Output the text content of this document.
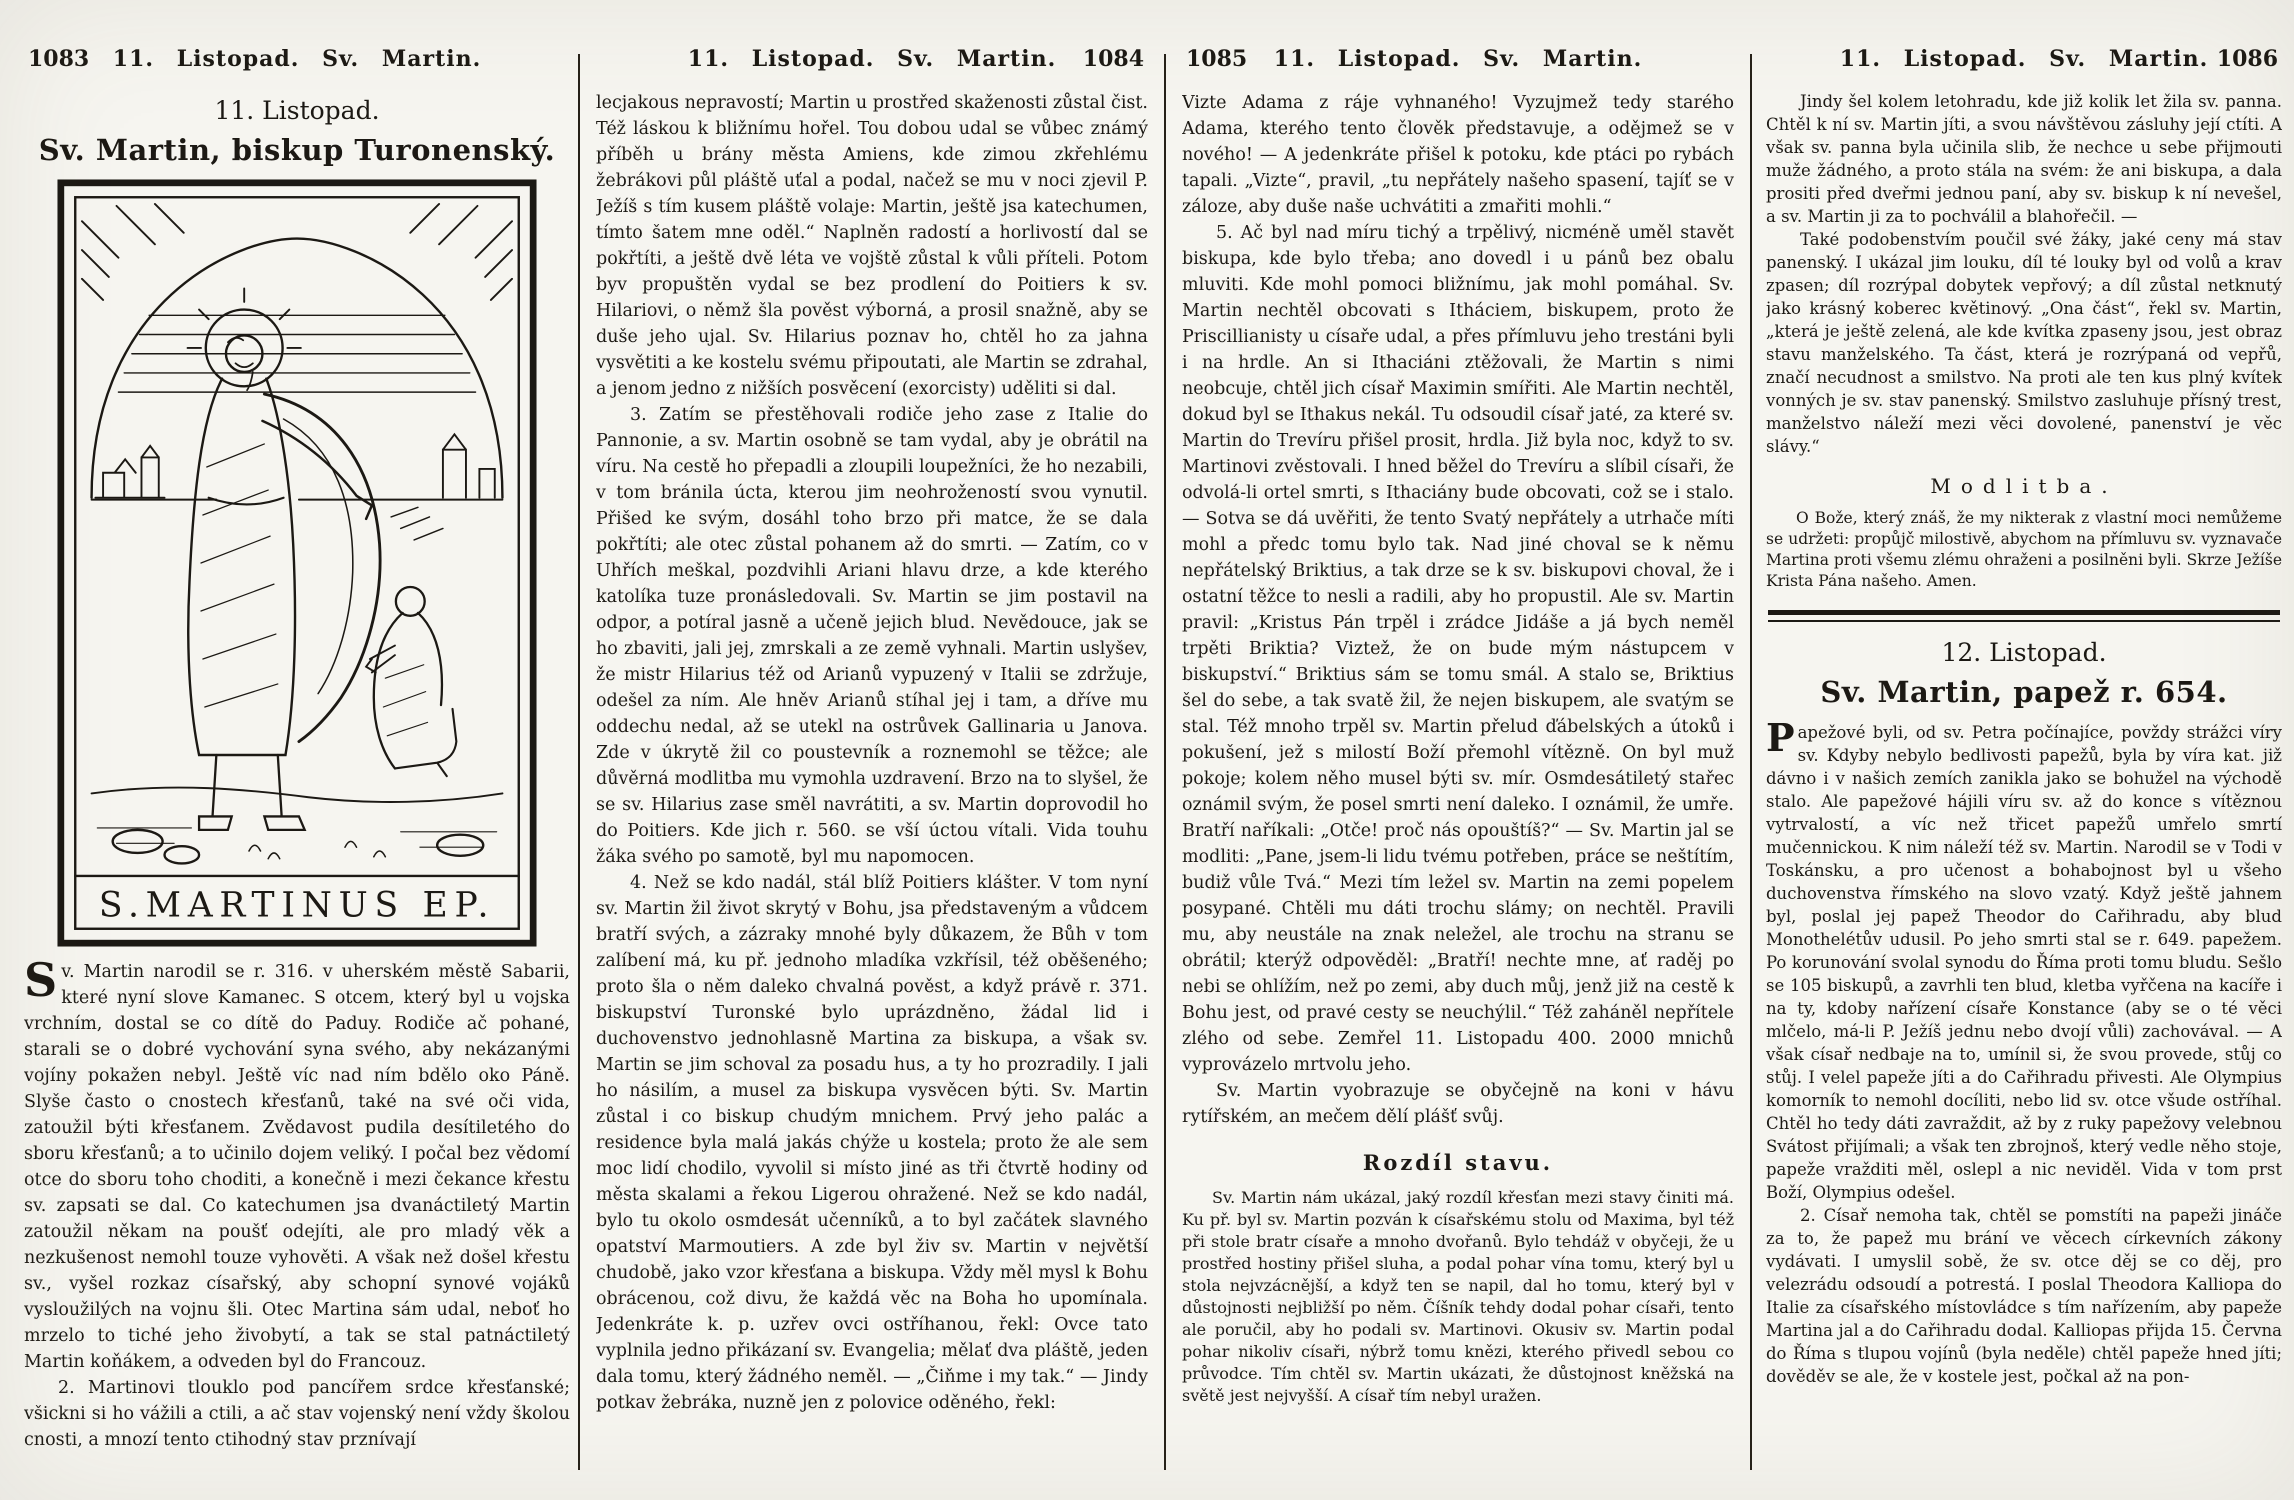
1083	11. Listopad. Sv. Martin.
11. Listopad.
Sv. Martin, biskup Turonenský.
S.MARTINUS EP.

Sv. Martin narodil se r. 316. v uherském městě Sabarii, které nyní slove Kamanec. S otcem, který byl u vojska vrchním, dostal se co dítě do Paduy. Rodiče ač pohané, starali se o dobré vychování syna svého, aby nekázanými vojíny pokažen nebyl. Ještě víc nad ním bdělo oko Páně. Slyše často o cnostech křesťanů, také na své oči vida, zatoužil býti křesťanem. Zvědavost pudila desítiletého do sboru křesťanů; a to učinilo dojem veliký. I počal bez vědomí otce do sboru toho choditi, a konečně i mezi čekance křestu sv. zapsati se dal. Co katechumen jsa dvanáctiletý Martin zatoužil někam na poušť odejíti, ale pro mladý věk a nezkušenost nemohl touze vyhověti. A však než došel křestu sv., vyšel rozkaz císařský, aby schopní synové vojáků vysloužilých na vojnu šli. Otec Martina sám udal, neboť ho mrzelo to tiché jeho živobytí, a tak se stal patnáctiletý Martin koňákem, a odveden byl do Francouz.

2. Martinovi tlouklo pod pancířem srdce křesťanské; všickni si ho vážili a ctili, a ač stav vojenský není vždy školou cnosti, a mnozí tento ctihodný stav prznívají

11. Listopad. Sv. Martin.	1084

lecjakous nepravostí; Martin u prostřed skaženosti zůstal čist. Též láskou k bližnímu hořel. Tou dobou udal se vůbec známý příběh u brány města Amiens, kde zimou zkřehlému žebrákovi půl pláště uťal a podal, načež se mu v noci zjevil P. Ježíš s tím kusem pláště volaje: Martin, ještě jsa katechumen, tímto šatem mne oděl.“ Naplněn radostí a horlivostí dal se pokřtíti, a ještě dvě léta ve vojště zůstal k vůli příteli. Potom byv propuštěn vydal se bez prodlení do Poitiers k sv. Hilariovi, o němž šla pověst výborná, a prosil snažně, aby se duše jeho ujal. Sv. Hilarius poznav ho, chtěl ho za jahna vysvětiti a ke kostelu svému připoutati, ale Martin se zdrahal, a jenom jedno z nižších posvěcení (exorcisty) uděliti si dal.

3. Zatím se přestěhovali rodiče jeho zase z Italie do Pannonie, a sv. Martin osobně se tam vydal, aby je obrátil na víru. Na cestě ho přepadli a zloupili loupežníci, že ho nezabili, v tom bránila úcta, kterou jim neohrožeností svou vynutil. Přišed ke svým, dosáhl toho brzo při matce, že se dala pokřtíti; ale otec zůstal pohanem až do smrti. — Zatím, co v Uhřích meškal, pozdvihli Ariani hlavu drze, a kde kterého katolíka tuze pronásledovali. Sv. Martin se jim postavil na odpor, a potíral jasně a učeně jejich blud. Nevědouce, jak se ho zbaviti, jali jej, zmrskali a ze země vyhnali. Martin uslyšev, že mistr Hilarius též od Arianů vypuzený v Italii se zdržuje, odešel za ním. Ale hněv Arianů stíhal jej i tam, a dříve mu oddechu nedal, až se utekl na ostrůvek Gallinaria u Janova. Zde v úkrytě žil co poustevník a roznemohl se těžce; ale důvěrná modlitba mu vymohla uzdravení. Brzo na to slyšel, že se sv. Hilarius zase směl navrátiti, a sv. Martin doprovodil ho do Poitiers. Kde jich r. 560. se vší úctou vítali. Vida touhu žáka svého po samotě, byl mu napomocen.

4. Než se kdo nadál, stál blíž Poitiers klášter. V tom nyní sv. Martin žil život skrytý v Bohu, jsa představeným a vůdcem bratří svých, a zázraky mnohé byly důkazem, že Bůh v tom zalíbení má, ku př. jednoho mladíka vzkřísil, též oběšeného; proto šla o něm daleko chvalná pověst, a když právě r. 371. biskupství Turonské bylo uprázdněno, žádal lid i duchovenstvo jednohlasně Martina za biskupa, a však sv. Martin se jim schoval za posadu hus, a ty ho prozradily. I jali ho násilím, a musel za biskupa vysvěcen býti. Sv. Martin zůstal i co biskup chudým mnichem. Prvý jeho palác a residence byla malá jakás chýže u kostela; proto že ale sem moc lidí chodilo, vyvolil si místo jiné as tři čtvrtě hodiny od města skalami a řekou Ligerou ohražené. Než se kdo nadál, bylo tu okolo osmdesát učenníků, a to byl začátek slavného opatství Marmoutiers. A zde byl živ sv. Martin v největší chudobě, jako vzor křesťana a biskupa. Vždy měl mysl k Bohu obrácenou, což divu, že každá věc na Boha ho upomínala. Jedenkráte k. p. uzřev ovci ostříhanou, řekl: Ovce tato vyplnila jedno přikázaní sv. Evangelia; mělať dva pláště, jeden dala tomu, který žádného neměl. — „Čiňme i my tak.“ — Jindy potkav žebráka, nuzně jen z polovice oděného, řekl:

1085	11. Listopad. Sv. Martin.

Vizte Adama z ráje vyhnaného! Vyzujmež tedy starého Adama, kterého tento člověk představuje, a odějmež se v nového! — A jedenkráte přišel k potoku, kde ptáci po rybách tapali. „Vizte“, pravil, „tu nepřátely našeho spasení, tajíť se v záloze, aby duše naše uchvátiti a zmařiti mohli.“

5. Ač byl nad míru tichý a trpělivý, nicméně uměl stavět biskupa, kde bylo třeba; ano dovedl i u pánů bez obalu mluviti. Kde mohl pomoci bližnímu, jak mohl pomáhal. Sv. Martin nechtěl obcovati s Itháciem, biskupem, proto že Priscillianisty u císaře udal, a přes přímluvu jeho trestáni byli i na hrdle. An si Ithaciáni ztěžovali, že Martin s nimi neobcuje, chtěl jich císař Maximin smířiti. Ale Martin nechtěl, dokud byl se Ithakus nekál. Tu odsoudil císař jaté, za které sv. Martin do Trevíru přišel prosit, hrdla. Již byla noc, když to sv. Martinovi zvěstovali. I hned běžel do Trevíru a slíbil císaři, že odvolá-li ortel smrti, s Ithaciány bude obcovati, což se i stalo. — Sotva se dá uvěřiti, že tento Svatý nepřátely a utrhače míti mohl a předc tomu bylo tak. Nad jiné choval se k němu nepřátelský Briktius, a tak drze se k sv. biskupovi choval, že i ostatní těžce to nesli a radili, aby ho propustil. Ale sv. Martin pravil: „Kristus Pán trpěl i zrádce Jidáše a já bych neměl trpěti Briktia? Viztež, že on bude mým nástupcem v biskupství.“ Briktius sám se tomu smál. A stalo se, Briktius šel do sebe, a tak svatě žil, že nejen biskupem, ale svatým se stal. Též mnoho trpěl sv. Martin přelud ďábelských a útoků i pokušení, jež s milostí Boží přemohl vítězně. On byl muž pokoje; kolem něho musel býti sv. mír. Osmdesátiletý stařec oznámil svým, že posel smrti není daleko. I oznámil, že umře. Bratří naříkali: „Otče! proč nás opouštíš?“ — Sv. Martin jal se modliti: „Pane, jsem-li lidu tvému potřeben, práce se neštítím, budiž vůle Tvá.“ Mezi tím ležel sv. Martin na zemi popelem posypané. Chtěli mu dáti trochu slámy; on nechtěl. Pravili mu, aby neustále na znak neležel, ale trochu na stranu se obrátil; kterýž odpověděl: „Bratří! nechte mne, ať raděj po nebi se ohlížím, než po zemi, aby duch můj, jenž již na cestě k Bohu jest, od pravé cesty se neuchýlil.“ Též zaháněl nepřítele zlého od sebe. Zemřel 11. Listopadu 400. 2000 mnichů vyprovázelo mrtvolu jeho.

Sv. Martin vyobrazuje se obyčejně na koni v hávu rytířském, an mečem dělí plášť svůj.

Rozdíl stavu.

Sv. Martin nám ukázal, jaký rozdíl křesťan mezi stavy činiti má. Ku př. byl sv. Martin pozván k císařskému stolu od Maxima, byl též při stole bratr císaře a mnoho dvořanů. Bylo tehdáž v obyčeji, že u prostřed hostiny přišel sluha, a podal pohar vína tomu, který byl u stola nejvzácnější, a když ten se napil, dal ho tomu, který byl v důstojnosti nejbližší po něm. Číšník tehdy dodal pohar císaři, tento ale poručil, aby ho podali sv. Martinovi. Okusiv sv. Martin podal pohar nikoliv císaři, nýbrž tomu knězi, kterého přivedl sebou co průvodce. Tím chtěl sv. Martin ukázati, že důstojnost kněžská na světě jest nejvyšší. A císař tím nebyl uražen.

11. Listopad. Sv. Martin. 1086

Jindy šel kolem letohradu, kde již kolik let žila sv. panna. Chtěl k ní sv. Martin jíti, a svou návštěvou zásluhy její ctíti. A však sv. panna byla učinila slib, že nechce u sebe přijmouti muže žádného, a proto stála na svém: že ani biskupa, a dala prositi před dveřmi jednou paní, aby sv. biskup k ní nevešel, a sv. Martin ji za to pochválil a blahořečil. —

Také podobenstvím poučil své žáky, jaké ceny má stav panenský. I ukázal jim louku, díl té louky byl od volů a krav zpasen; díl rozrýpal dobytek vepřový; a díl zůstal netknutý jako krásný koberec květinový. „Ona část“, řekl sv. Martin, „která je ještě zelená, ale kde kvítka zpaseny jsou, jest obraz stavu manželského. Ta část, která je rozrýpaná od vepřů, značí necudnost a smilstvo. Na proti ale ten kus plný kvítek vonných je sv. stav panenský. Smilstvo zasluhuje přísný trest, manželstvo náleží mezi věci dovolené, panenství je věc slávy.“

Modlitba.

O Bože, který znáš, že my nikterak z vlastní moci nemůžeme se udržeti: propůjč milostivě, abychom na přímluvu sv. vyznavače Martina proti všemu zlému ohraženi a posilněni byli. Skrze Ježíše Krista Pána našeho. Amen.

12. Listopad.
Sv. Martin, papež r. 654.

Papežové byli, od sv. Petra počínajíce, povždy strážci víry sv. Kdyby nebylo bedlivosti papežů, byla by víra kat. již dávno i v našich zemích zanikla jako se bohužel na východě stalo. Ale papežové hájili víru sv. až do konce s vítěznou vytrvalostí, a víc než třicet papežů umřelo smrtí mučennickou. K nim náleží též sv. Martin. Narodil se v Todi v Toskánsku, a pro učenost a bohabojnost byl u všeho duchovenstva římského na slovo vzatý. Když ještě jahnem byl, poslal jej papež Theodor do Cařihradu, aby blud Monothelétův udusil. Po jeho smrti stal se r. 649. papežem. Po korunování svolal synodu do Říma proti tomu bludu. Sešlo se 105 biskupů, a zavrhli ten blud, kletba vyřčena na kacíře i na ty, kdoby nařízení císaře Konstance (aby se o té věci mlčelo, má-li P. Ježíš jednu nebo dvojí vůli) zachovával. — A však císař nedbaje na to, umínil si, že svou provede, stůj co stůj. I velel papeže jíti a do Cařihradu přivesti. Ale Olympius komorník to nemohl docíliti, nebo lid sv. otce všude ostříhal. Chtěl ho tedy dáti zavraždit, až by z ruky papežovy velebnou Svátost přijímali; a však ten zbrojnoš, který vedle něho stoje, papeže vražditi měl, oslepl a nic neviděl. Vida v tom prst Boží, Olympius odešel.

2. Císař nemoha tak, chtěl se pomstíti na papeži jináče za to, že papež mu brání ve věcech církevních zákony vydávati. I umyslil sobě, že sv. otce děj se co děj, pro velezrádu odsoudí a potrestá. I poslal Theodora Kalliopa do Italie za císařského místovládce s tím nařízením, aby papeže Martina jal a do Cařihradu dodal. Kalliopas přijda 15. Června do Říma s tlupou vojínů (byla neděle) chtěl papeže hned jíti; dověděv se ale, že v kostele jest, počkal až na pon-
